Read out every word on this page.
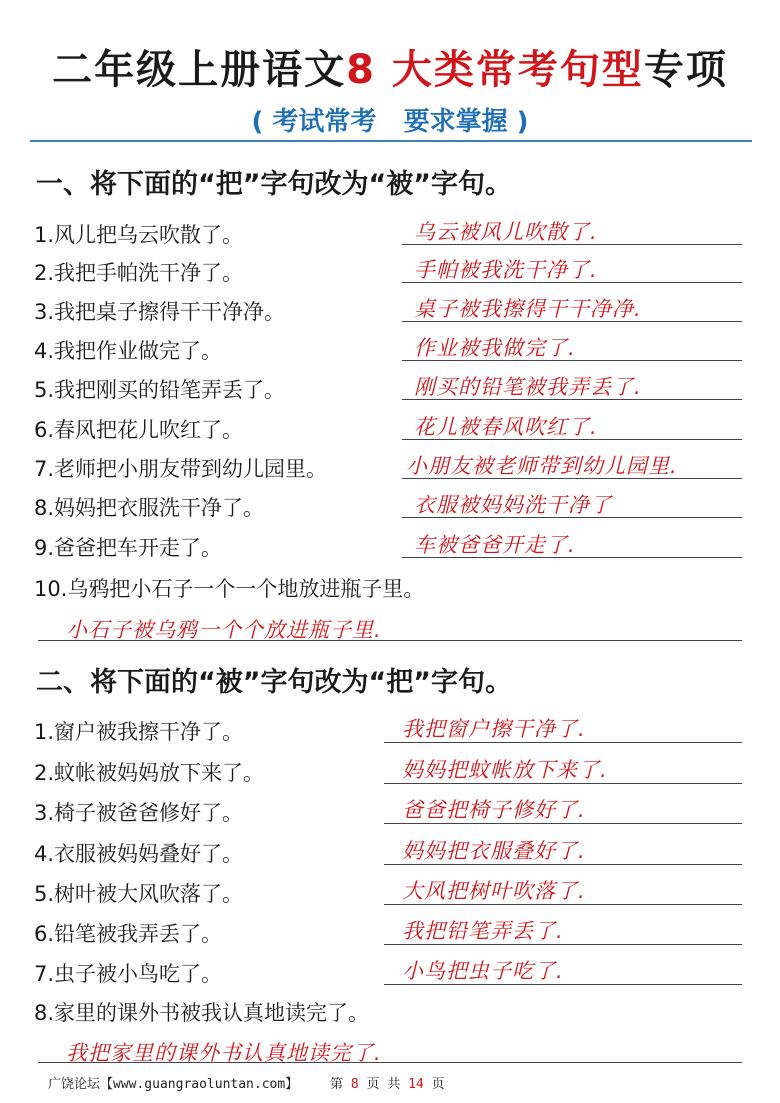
二年级上册语文8 大类常考句型专项
( 考试常考   要求掌握 )
一、将下面的“把”字句改为“被”字句。
1.风儿把乌云吹散了。	乌云被风儿吹散了.
2.我把手帕洗干净了。	手帕被我洗干净了.
3.我把桌子擦得干干净净。	桌子被我擦得干干净净.
4.我把作业做完了。	作业被我做完了.
5.我把刚买的铅笔弄丢了。	刚买的铅笔被我弄丢了.
6.春风把花儿吹红了。	花儿被春风吹红了.
7.老师把小朋友带到幼儿园里。	小朋友被老师带到幼儿园里.
8.妈妈把衣服洗干净了。	衣服被妈妈洗干净了
9.爸爸把车开走了。	车被爸爸开走了.
10.乌鸦把小石子一个一个地放进瓶子里。
小石子被乌鸦一个个放进瓶子里.
二、将下面的“被”字句改为“把”字句。
1.窗户被我擦干净了。	我把窗户擦干净了.
2.蚊帐被妈妈放下来了。	妈妈把蚊帐放下来了.
3.椅子被爸爸修好了。	爸爸把椅子修好了.
4.衣服被妈妈叠好了。	妈妈把衣服叠好了.
5.树叶被大风吹落了。	大风把树叶吹落了.
6.铅笔被我弄丢了。	我把铅笔弄丢了.
7.虫子被小鸟吃了。	小鸟把虫子吃了.
8.家里的课外书被我认真地读完了。
我把家里的课外书认真地读完了.
广饶论坛【www.guangraoluntan.com】 第 8 页 共 14 页
